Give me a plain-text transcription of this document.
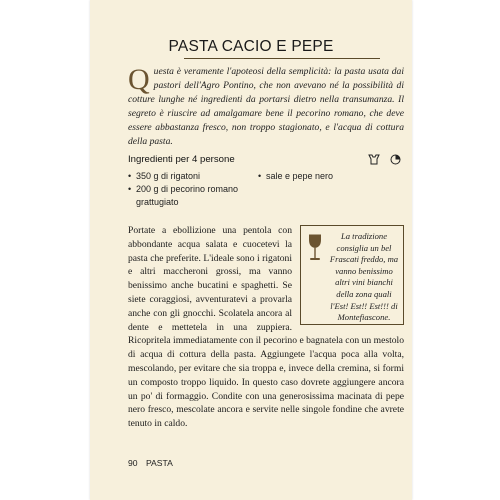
PASTA CACIO E PEPE
Questa è veramente l'apoteosi della semplicità: la pasta usata dai pastori dell'Agro Pontino, che non avevano né la possibilità di cotture lunghe né ingredienti da portarsi dietro nella transumanza. Il segreto è riuscire ad amalgamare bene il pecorino romano, che deve essere abbastanza fresco, non troppo stagionato, e l'acqua di cottura della pasta.
Ingredienti per 4 persone

• 350 g di rigatoni
• 200 g di pecorino romano grattugiato
• sale e pepe nero
La tradizione consiglia un bel Frascati freddo, ma vanno benissimo altri vini bianchi della zona quali l'Est! Est!! Est!!! di Montefiascone.
Portate a ebollizione una pentola con abbondante acqua salata e cuocetevi la pasta che preferite. L'ideale sono i rigatoni e altri maccheroni grossi, ma vanno benissimo anche bucatini e spaghetti. Se siete coraggiosi, avventuratevi a provarla anche con gli gnocchi. Scolatela ancora al dente e mettetela in una zuppiera. Ricopritela immediatamente con il pecorino e bagnatela con un mestolo di acqua di cottura della pasta. Aggiungete l'acqua poca alla volta, mescolando, per evitare che sia troppa e, invece della cremina, si formi un composto troppo liquido. In questo caso dovrete aggiungere ancora un po' di formaggio. Condite con una generosissima macinata di pepe nero fresco, mescolate ancora e servite nelle singole fondine che avrete tenuto in caldo.
90 PASTA
